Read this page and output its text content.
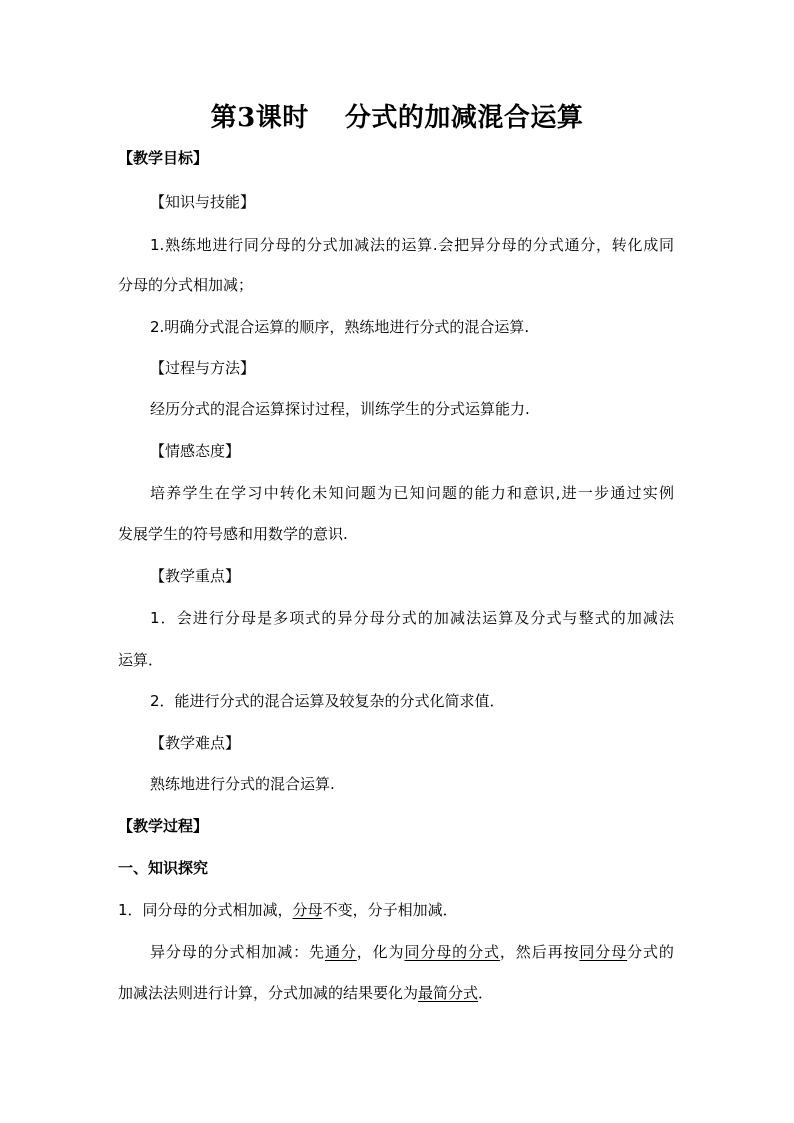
第3课时　 分式的加减混合运算
【教学目标】
【知识与技能】
1.熟练地进行同分母的分式加减法的运算.会把异分母的分式通分，转化成同
分母的分式相加减；
2.明确分式混合运算的顺序，熟练地进行分式的混合运算.
【过程与方法】
经历分式的混合运算探讨过程，训练学生的分式运算能力.
【情感态度】
培养学生在学习中转化未知问题为已知问题的能力和意识,进一步通过实例
发展学生的符号感和用数学的意识.
【教学重点】
1．会进行分母是多项式的异分母分式的加减法运算及分式与整式的加减法
运算．
2．能进行分式的混合运算及较复杂的分式化简求值．
【教学难点】
熟练地进行分式的混合运算.
【教学过程】
一、知识探究
1．同分母的分式相加减，分母不变，分子相加减．
异分母的分式相加减：先通分，化为同分母的分式，然后再按同分母分式的
加减法法则进行计算，分式加减的结果要化为最简分式．
